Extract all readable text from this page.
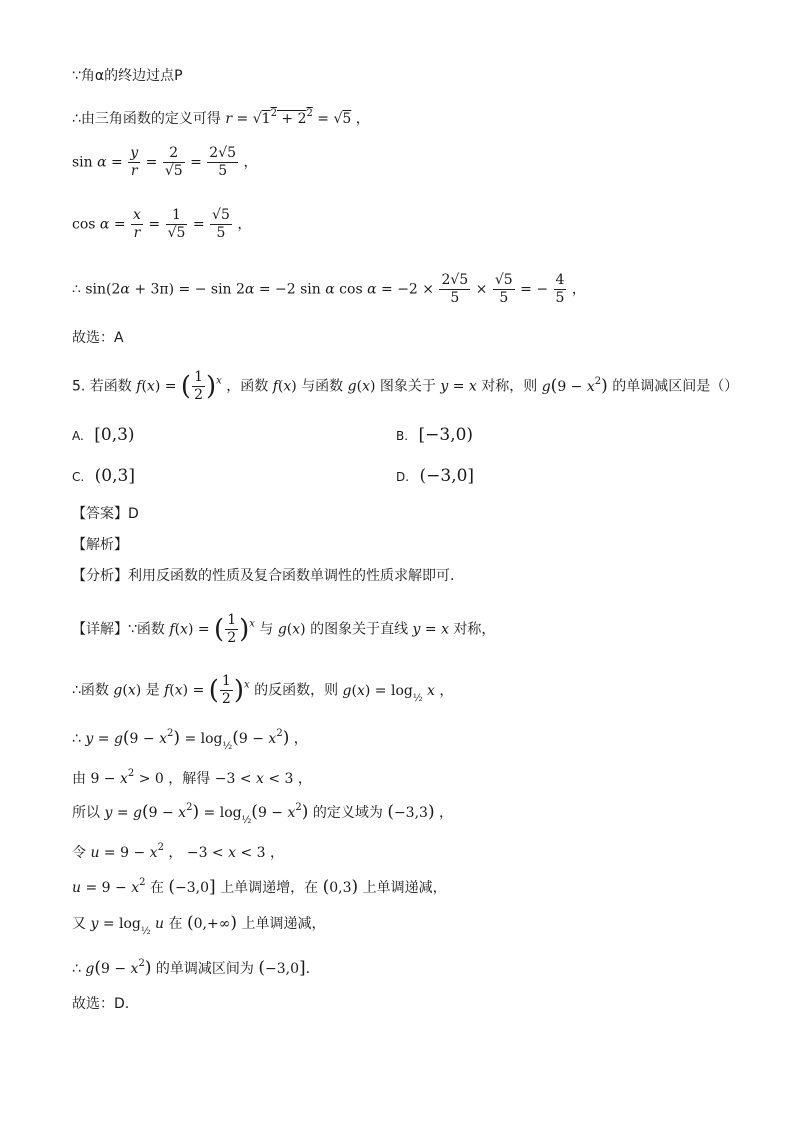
∵角α的终边过点P
∴由三角函数的定义可得 $r = √1^2 + 2^2 = √5$ ，
$\sin \alpha = \frac{y}{r} = \frac{2}{√5} = \frac{2√5}{5}$ ，
$\cos \alpha = \frac{x}{r} = \frac{1}{√5} = \frac{√5}{5}$ ，
∴ sin(2α + 3π) = − sin 2α = −2 sin α $\cos \alpha = -2 \times \frac{2√5}{5} \times \frac{√5}{5}$ = − $\frac{4}{5}$ ，
故选：A
5. 若函数 f(x) = ( $\frac{1}{2} )^x$ ，函数 f(x) 与函数 g(x) 图象关于 y = x 对称，则 $g(9 - x^2)$ 的单调减区间是（）
A. [0,3)	B. [−3,0)
C. (0,3]	D. (−3,0]
【答案】D
【解析】
【分析】利用反函数的性质及复合函数单调性的性质求解即可.
【详解】∵函数 f(x) = ( $\frac{1}{2} )^x$ 与 g(x) 的图象关于直线 y = x 对称，
∴函数 g(x) 是 f(x) = ( $\frac{1}{2} )^x$ 的反函数，则 $g(x) = \log_{\frac{1}{2}} x$ ，
∴ $y = g(9 - x^2) = \log_{\frac{1}{2}}(9 - x^2)$ ，
由 $9 - x^2 > 0$ ，解得 −3 < x < 3 ，
所以 $y = g(9 - x^2) = \log_{\frac{1}{2}}(9 - x^2)$ 的定义域为 (−3,3) ，
令 $u = 9 - x^2$ ， −3 < x < 3 ，
$u = 9 - x^2$ 在 (−3,0] 上单调递增，在 (0,3) 上单调递减，
又 $y = \log_{\frac{1}{2}} u$ 在 (0,+∞) 上单调递减，
∴ $g(9 - x^2)$ 的单调减区间为 (−3,0].
故选：D.
